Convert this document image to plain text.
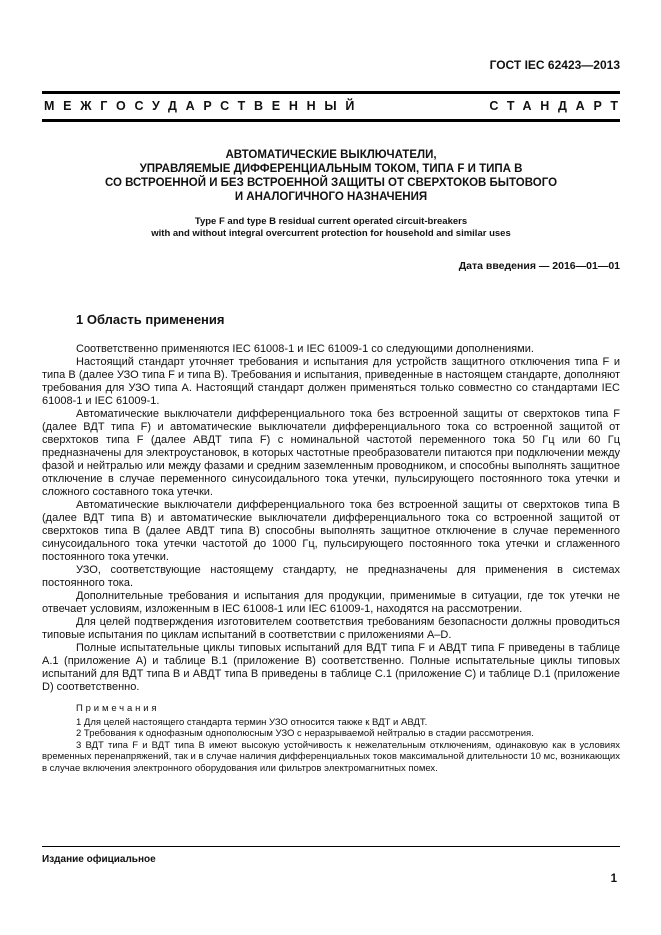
ГОСТ IEC 62423—2013
МЕЖГОСУДАРСТВЕННЫЙ	СТАНДАРТ
АВТОМАТИЧЕСКИЕ ВЫКЛЮЧАТЕЛИ,
УПРАВЛЯЕМЫЕ ДИФФЕРЕНЦИАЛЬНЫМ ТОКОМ, ТИПА F И ТИПА В
СО ВСТРОЕННОЙ И БЕЗ ВСТРОЕННОЙ ЗАЩИТЫ ОТ СВЕРХТОКОВ БЫТОВОГО
И АНАЛОГИЧНОГО НАЗНАЧЕНИЯ
Type F and type B residual current operated circuit-breakers
with and without integral overcurrent protection for household and similar uses
Дата введения — 2016—01—01
1 Область применения

Соответственно применяются IEC 61008-1 и IEC 61009-1 со следующими дополнениями.

Настоящий стандарт уточняет требования и испытания для устройств защитного отключения типа F и типа В (далее УЗО типа F и типа В). Требования и испытания, приведенные в настоящем стандарте, дополняют требования для УЗО типа А. Настоящий стандарт должен применяться только совместно со стандартами IEC 61008-1 и IEC 61009-1.

Автоматические выключатели дифференциального тока без встроенной защиты от сверхтоков типа F (далее ВДТ типа F) и автоматические выключатели дифференциального тока со встроенной защитой от сверхтоков типа F (далее АВДТ типа F) с номинальной частотой переменного тока 50 Гц или 60 Гц предназначены для электроустановок, в которых частотные преобразователи питаются при подключении между фазой и нейтралью или между фазами и средним заземленным проводником, и способны выполнять защитное отключение в случае переменного синусоидального тока утечки, пульсирующего постоянного тока утечки и сложного составного тока утечки.

Автоматические выключатели дифференциального тока без встроенной защиты от сверхтоков типа В (далее ВДТ типа В) и автоматические выключатели дифференциального тока со встроенной защитой от сверхтоков типа В (далее АВДТ типа В) способны выполнять защитное отключение в случае переменного синусоидального тока утечки частотой до 1000 Гц, пульсирующего постоянного тока утечки и сглаженного постоянного тока утечки.

УЗО, соответствующие настоящему стандарту, не предназначены для применения в системах постоянного тока.

Дополнительные требования и испытания для продукции, применимые в ситуации, где ток утечки не отвечает условиям, изложенным в IEC 61008-1 или IEC 61009-1, находятся на рассмотрении.

Для целей подтверждения изготовителем соответствия требованиям безопасности должны проводиться типовые испытания по циклам испытаний в соответствии с приложениями A–D.

Полные испытательные циклы типовых испытаний для ВДТ типа F и АВДТ типа F приведены в таблице А.1 (приложение А) и таблице В.1 (приложение В) соответственно. Полные испытательные циклы типовых испытаний для ВДТ типа В и АВДТ типа В приведены в таблице С.1 (приложение С) и таблице D.1 (приложение D) соответственно.

Примечания
1 Для целей настоящего стандарта термин УЗО относится также к ВДТ и АВДТ.
2 Требования к однофазным однополюсным УЗО с неразрываемой нейтралью в стадии рассмотрения.
3 ВДТ типа F и ВДТ типа В имеют высокую устойчивость к нежелательным отключениям, одинаковую как в условиях временных перенапряжений, так и в случае наличия дифференциальных токов максимальной длительности 10 мс, возникающих в случае включения электронного оборудования или фильтров электромагнитных помех.
Издание официальное
1
